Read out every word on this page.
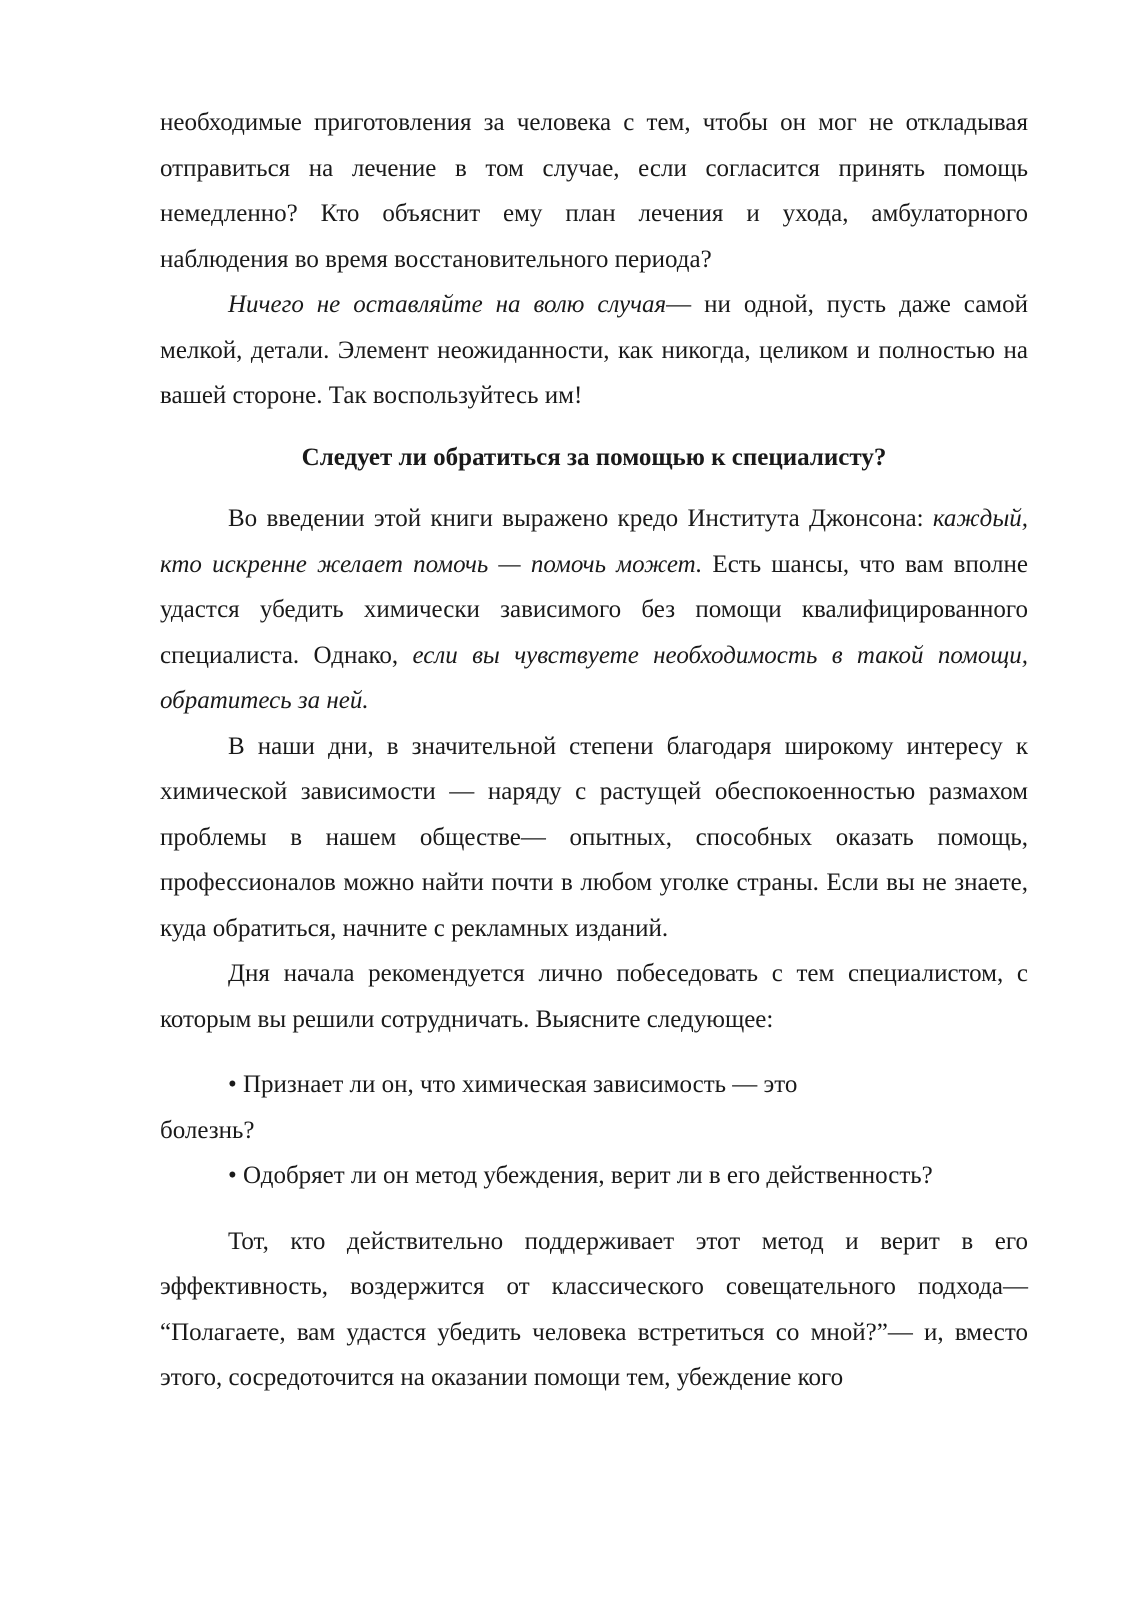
необходимые приготовления за человека с тем, чтобы он мог не откладывая отправиться на лечение в том случае, если согласится принять помощь немедленно? Кто объяснит ему план лечения и ухода, амбулаторного наблюдения во время восстановительного периода?

Ничего не оставляйте на волю случая— ни одной, пусть даже самой мелкой, детали. Элемент неожиданности, как никогда, целиком и полностью на вашей стороне. Так воспользуйтесь им!

Следует ли обратиться за помощью к специалисту?

Во введении этой книги выражено кредо Института Джонсона: каждый, кто искренне желает помочь — помочь может. Есть шансы, что вам вполне удастся убедить химически зависимого без помощи квалифицированного специалиста. Однако, если вы чувствуете необходимость в такой помощи, обратитесь за ней.

В наши дни, в значительной степени благодаря широкому интересу к химической зависимости — наряду с растущей обеспокоенностью размахом проблемы в нашем обществе— опытных, способных оказать помощь, профессионалов можно найти почти в любом уголке страны. Если вы не знаете, куда обратиться, начните с рекламных изданий.

Дня начала рекомендуется лично побеседовать с тем специалистом, с которым вы решили сотрудничать. Выясните следующее:

• Признает ли он, что химическая зависимость — это

болезнь?

• Одобряет ли он метод убеждения, верит ли в его действенность?

Тот, кто действительно поддерживает этот метод и верит в его эффективность, воздержится от классического совещательного подхода— “Полагаете, вам удастся убедить человека встретиться со мной?”— и, вместо этого, сосредоточится на оказании помощи тем, убеждение кого
